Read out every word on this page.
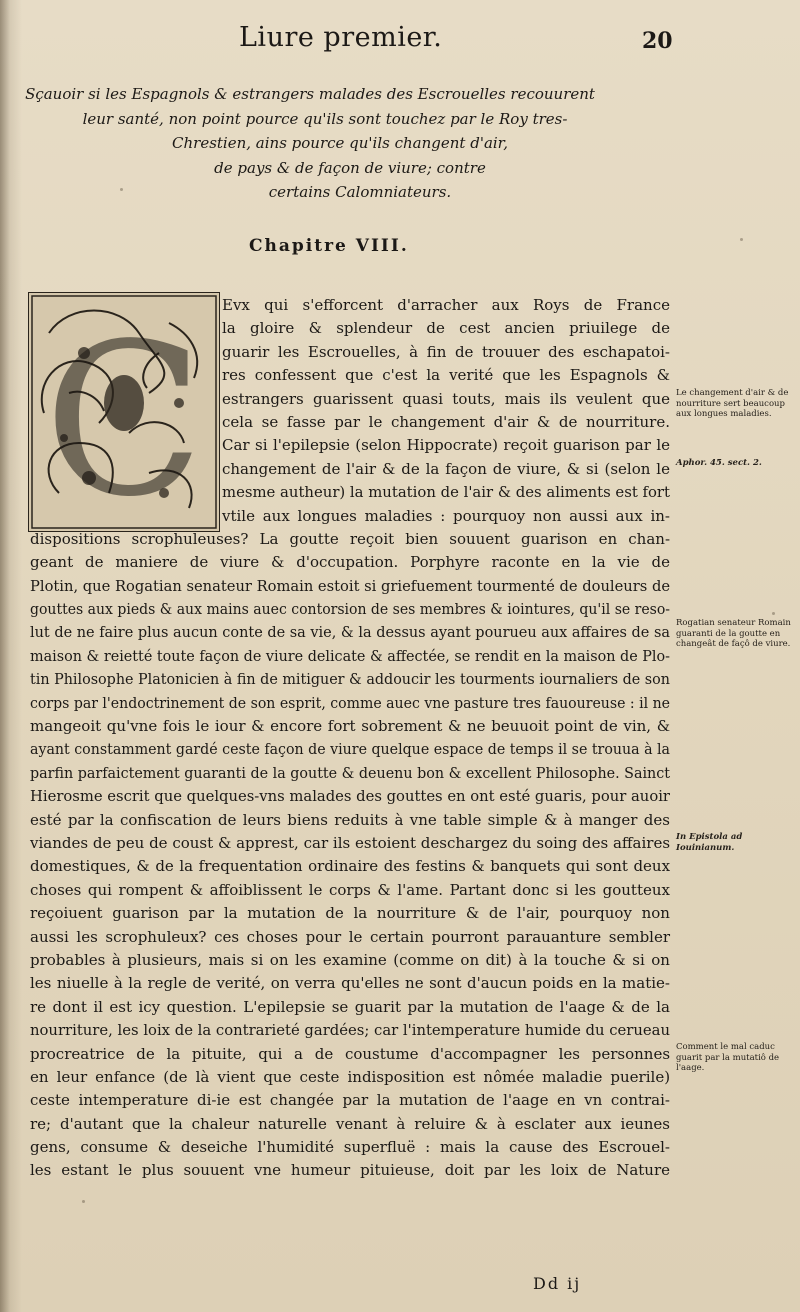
Liure premier.	20
Sçauoir si les Espagnols & estrangers malades des Escrouelles recouurent
leur santé, non point pource qu'ils sont touchez par le Roy tres-
Chrestien, ains pource qu'ils changent d'air,
de pays & de façon de viure; contre
certains Calomniateurs.
Chapitre VIII.
C Evx qui s'efforcent d'arracher aux Roys de France
la gloire & splendeur de cest ancien priuilege de
guarir les Escrouelles, à fin de trouuer des eschapatoi-
res confessent que c'est la verité que les Espagnols &
estrangers guarissent quasi touts, mais ils veulent que
cela se fasse par le changement d'air & de nourriture.
Car si l'epilepsie (selon Hippocrate) reçoit guarison par le
changement de l'air & de la façon de viure, & si (selon le
mesme autheur) la mutation de l'air & des aliments est fort
vtile aux longues maladies : pourquoy non aussi aux in-
dispositions scrophuleuses? La goutte reçoit bien souuent guarison en chan-
geant de maniere de viure & d'occupation. Porphyre raconte en la vie de
Plotin, que Rogatian senateur Romain estoit si griefuement tourmenté de douleurs de
gouttes aux pieds & aux mains auec contorsion de ses membres & iointures, qu'il se reso-
lut de ne faire plus aucun conte de sa vie, & la dessus ayant pourueu aux affaires de sa
maison & reietté toute façon de viure delicate & affectée, se rendit en la maison de Plo-
tin Philosophe Platonicien à fin de mitiguer & addoucir les tourments iournaliers de son
corps par l'endoctrinement de son esprit, comme auec vne pasture tres fauoureuse : il ne
mangeoit qu'vne fois le iour & encore fort sobrement & ne beuuoit point de vin, &
ayant constamment gardé ceste façon de viure quelque espace de temps il se trouua à la
parfin parfaictement guaranti de la goutte & deuenu bon & excellent Philosophe. Sainct
Hierosme escrit que quelques-vns malades des gouttes en ont esté guaris, pour auoir
esté par la confiscation de leurs biens reduits à vne table simple & à manger des
viandes de peu de coust & apprest, car ils estoient deschargez du soing des affaires
domestiques, & de la frequentation ordinaire des festins & banquets qui sont deux
choses qui rompent & affoiblissent le corps & l'ame. Partant donc si les goutteux
reçoiuent guarison par la mutation de la nourriture & de l'air, pourquoy non
aussi les scrophuleux? ces choses pour le certain pourront parauanture sembler
probables à plusieurs, mais si on les examine (comme on dit) à la touche & si on
les niuelle à la regle de verité, on verra qu'elles ne sont d'aucun poids en la matie-
re dont il est icy question. L'epilepsie se guarit par la mutation de l'aage & de la
nourriture, les loix de la contrarieté gardées; car l'intemperature humide du cerueau
procreatrice de la pituite, qui a de coustume d'accompagner les personnes
en leur enfance (de là vient que ceste indisposition est nômée maladie puerile)
ceste intemperature di-ie est changée par la mutation de l'aage en vn contrai-
re; d'autant que la chaleur naturelle venant à reluire & à esclater aux ieunes
gens, consume & deseiche l'humidité superfluë : mais la cause des Escrouel-
les estant le plus souuent vne humeur pituieuse, doit par les loix de Nature
Le changement d'air & de nourriture sert beaucoup aux longues maladies.
Aphor. 45. sect. 2.
Rogatian senateur Romain guaranti de la goutte en changeât de façô de viure.
In Epistola ad Iouinianum.
Comment le mal caduc guarit par la mutatiô de l'aage.
Dd ij
